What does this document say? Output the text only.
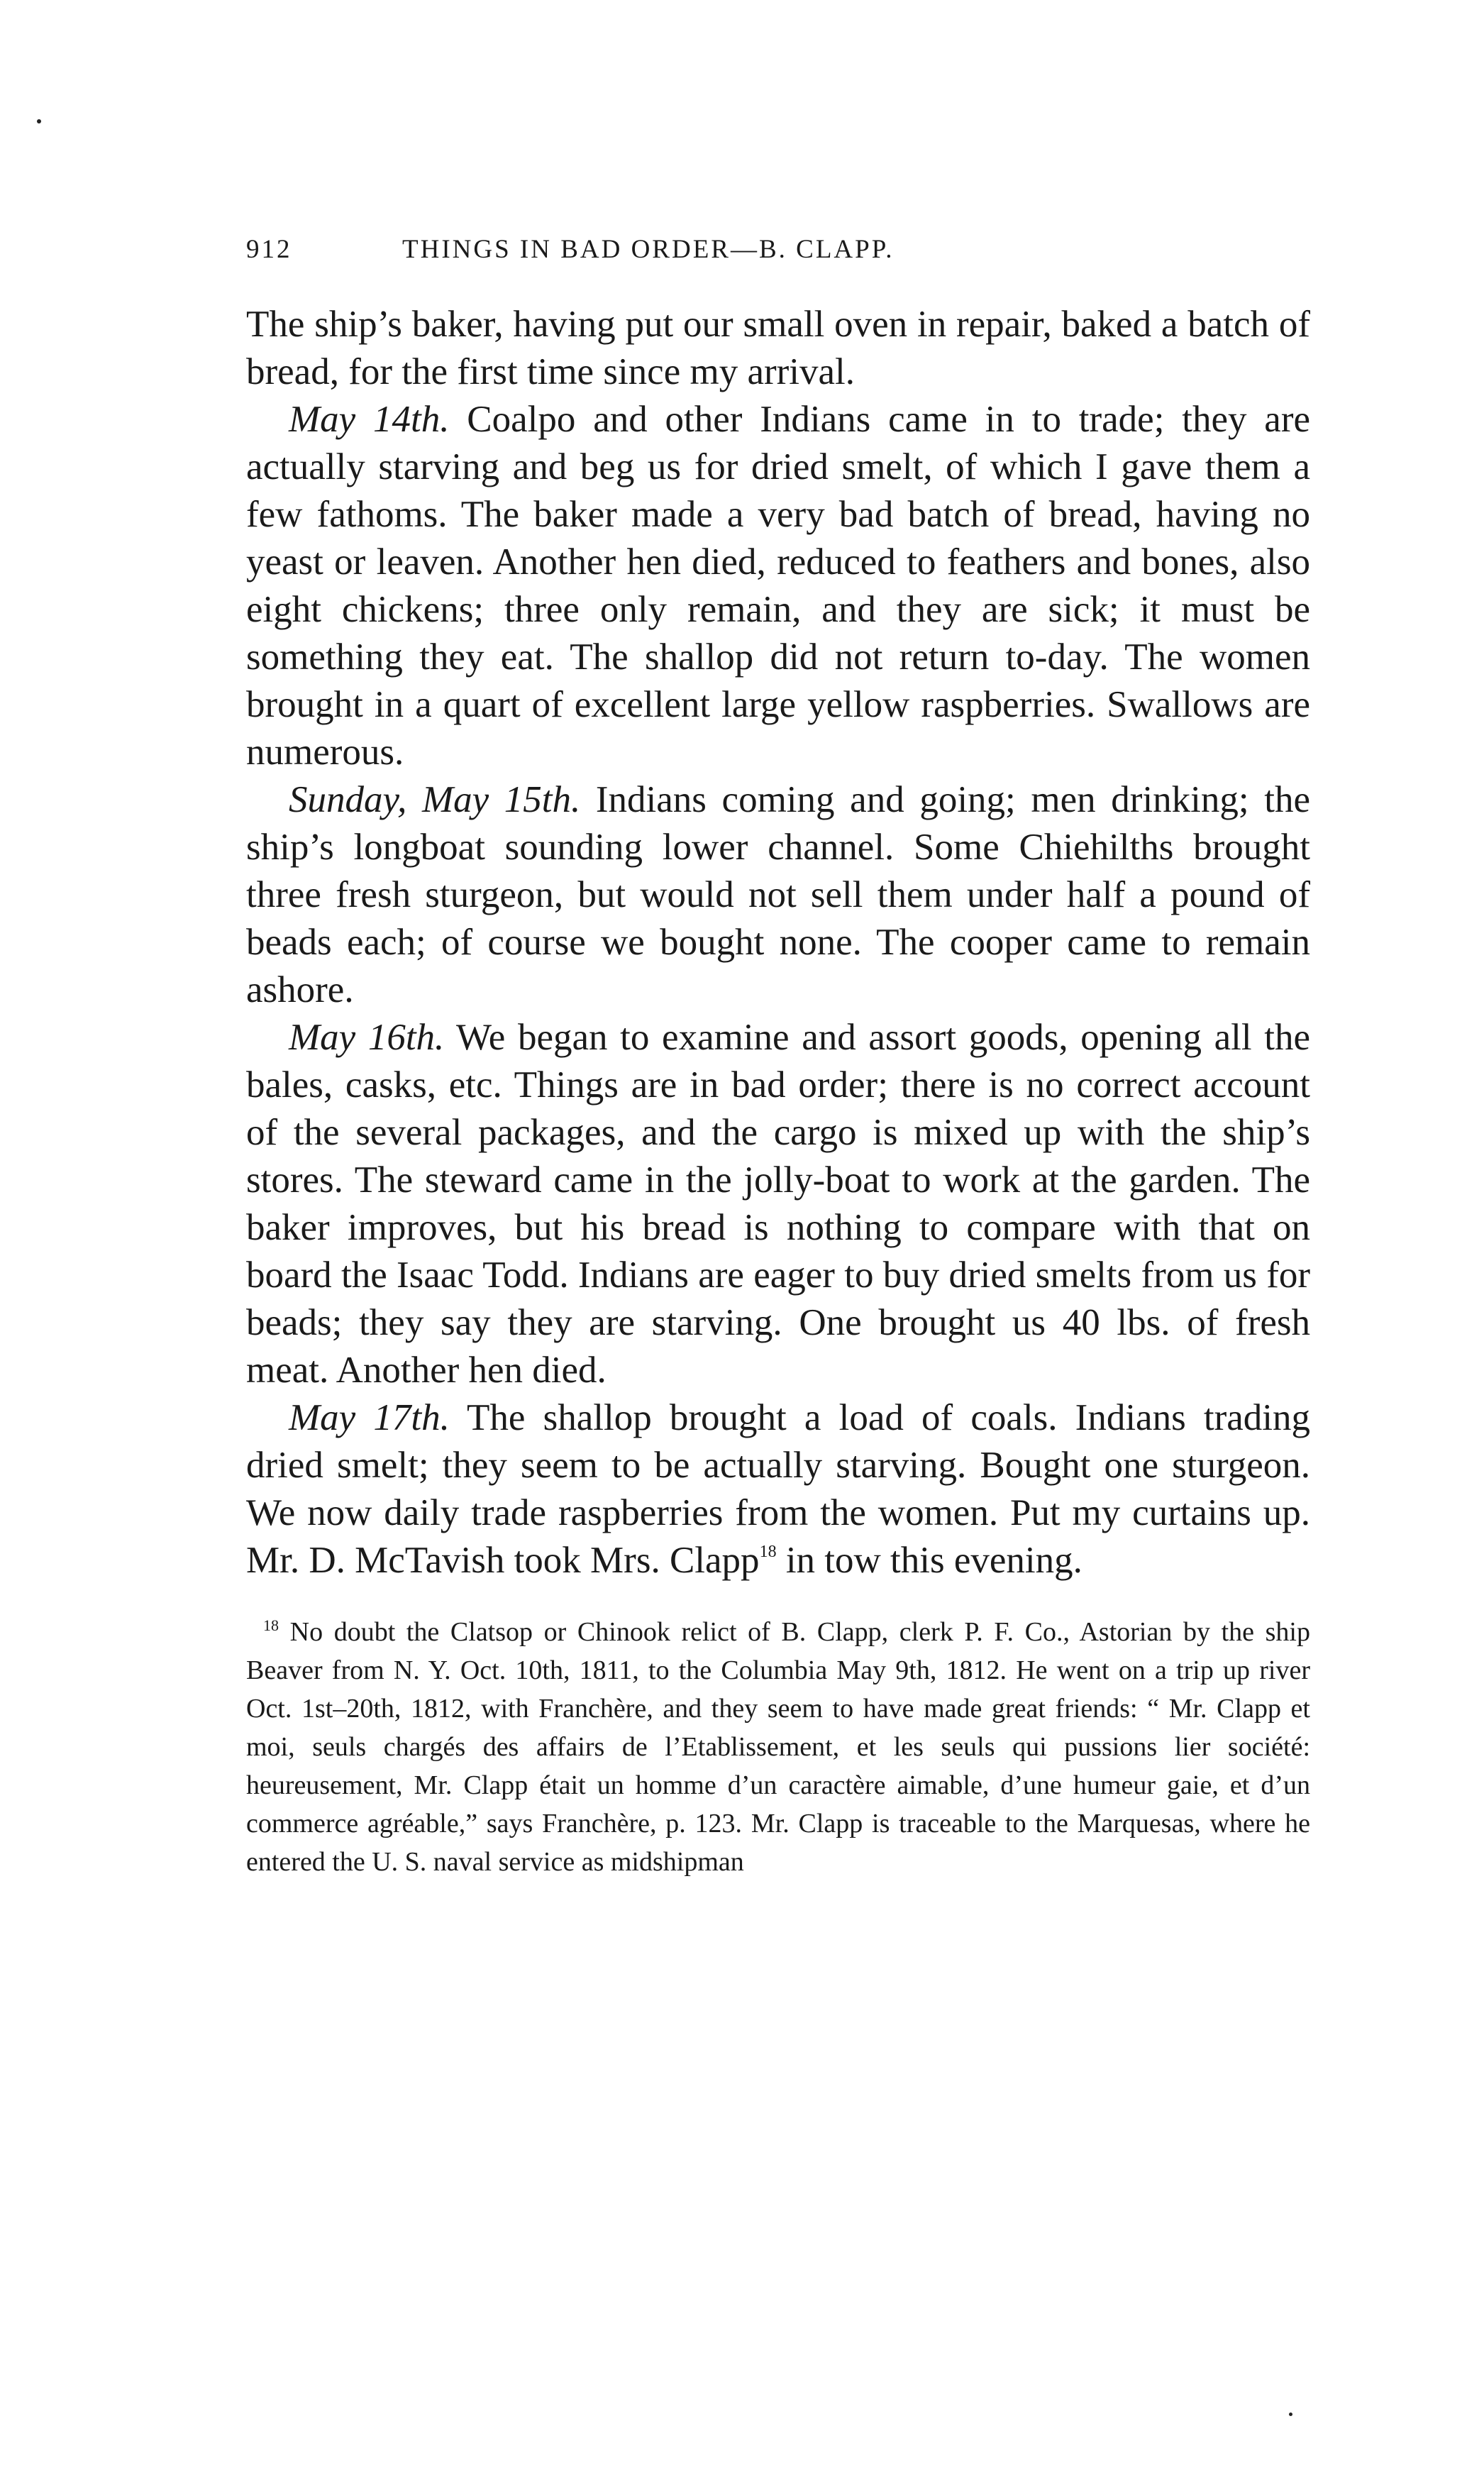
912	THINGS IN BAD ORDER—B. CLAPP.

The ship’s baker, having put our small oven in repair, baked a batch of bread, for the first time since my arrival.

May 14th. Coalpo and other Indians came in to trade; they are actually starving and beg us for dried smelt, of which I gave them a few fathoms. The baker made a very bad batch of bread, having no yeast or leaven. Another hen died, reduced to feathers and bones, also eight chickens; three only remain, and they are sick; it must be something they eat. The shallop did not return to-day. The women brought in a quart of excellent large yellow raspberries. Swallows are numerous.

Sunday, May 15th. Indians coming and going; men drinking; the ship’s longboat sounding lower channel. Some Chiehilths brought three fresh sturgeon, but would not sell them under half a pound of beads each; of course we bought none. The cooper came to remain ashore.

May 16th. We began to examine and assort goods, opening all the bales, casks, etc. Things are in bad order; there is no correct account of the several packages, and the cargo is mixed up with the ship’s stores. The steward came in the jolly-boat to work at the garden. The baker improves, but his bread is nothing to compare with that on board the Isaac Todd. Indians are eager to buy dried smelts from us for beads; they say they are starving. One brought us 40 lbs. of fresh meat. Another hen died.

May 17th. The shallop brought a load of coals. Indians trading dried smelt; they seem to be actually starving. Bought one sturgeon. We now daily trade raspberries from the women. Put my curtains up. Mr. D. McTavish took Mrs. Clapp$^{18}$ in tow this evening.

$^{18}$ No doubt the Clatsop or Chinook relict of B. Clapp, clerk P. F. Co., Astorian by the ship Beaver from N. Y. Oct. 10th, 1811, to the Columbia May 9th, 1812. He went on a trip up river Oct. 1st–20th, 1812, with Franchère, and they seem to have made great friends: “ Mr. Clapp et moi, seuls chargés des affairs de l’Etablissement, et les seuls qui pussions lier société: heureusement, Mr. Clapp était un homme d’un caractère aimable, d’une humeur gaie, et d’un commerce agréable,” says Franchère, p. 123. Mr. Clapp is traceable to the Marquesas, where he entered the U. S. naval service as midshipman
